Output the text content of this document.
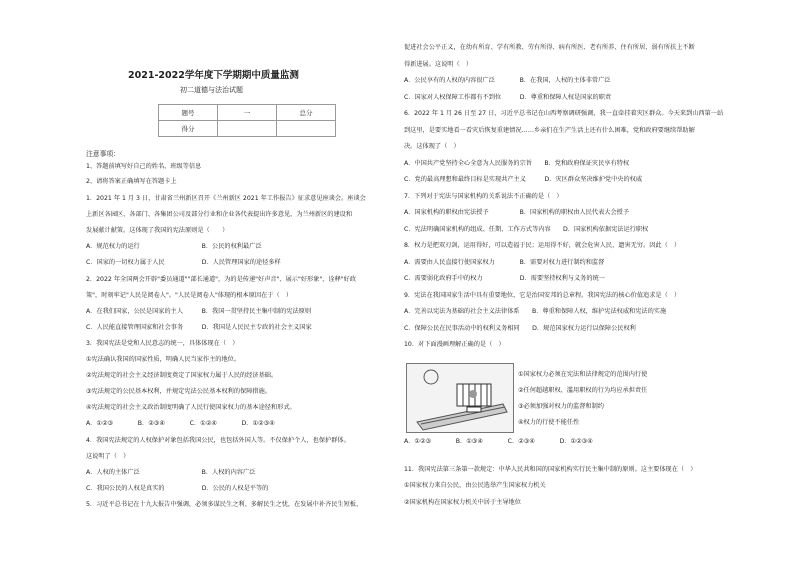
2021-2022学年度下学期期中质量监测
初二道德与法治试题
题号	一	总分
得分		
注意事项：
1、答题前填写好自己的姓名、班级等信息
2、请将答案正确填写在答题卡上
1．2021 年 1 月 3 日，甘肃省兰州新区召开《兰州新区 2021 年工作报告》征求意见座谈会。座谈会
上新区各园区、各部门、各集团公司及部分行业和企业各代表提出许多意见，为兰州新区的建设和
发展献计献策。这体现了我国的宪法原则是（　　）
A．规范权力的运行　　　　　　　　　　B．公民的权利最广泛
C．国家的一切权力属于人民　　　　　　D．人民管理国家的途径多样
2．2022 年全国两会开辟"委员通道""部长通道"，为的是传递"好声音"、展示"好形象"、诠释"好政
策"，时刻牢记"人民是阅卷人"。"人民是阅卷人"体现的根本原因在于（　）
A．在我们国家，公民是国家的主人　　　B．我国一贯坚持民主集中制的宪法原则
C．人民能直接管理国家和社会事务　　　D．我国是人民民主专政的社会主义国家
3．我国宪法是党和人民意志的统一，具体体现在（　）
①宪法确认我国的国家性质，明确人民当家作主的地位。
②宪法规定的社会主义经济制度奠定了国家权力属于人民的经济基础。
③宪法规定的公民基本权利，并规定宪法公民基本权利的保障措施。
④宪法规定的社会主义政治制度明确了人民行使国家权力的基本途径和形式。
A．①②③　　　　B．②③④　　　　C．①②④　　　　D．①②③④
4．我国宪法规定的人权保护对象包括我国公民，也包括外国人等。不仅保护个人，也保护群体。
这说明了（　）
A．人权的主体广泛　　　　　　　　　　B．人权的内容广泛
C．我国公民的人权是真实的　　　　　　D．公民的人权是平等的
5．习近平总书记在十九大报告中强调，必须多谋民生之利、多解民生之忧，在发展中补齐民生短板、
促进社会公平正义，在幼有所育、学有所教、劳有所得、病有所医、老有所养、住有所居、弱有所扶上不断
得新进展。这说明（　）
A．公民享有的人权的内容很广泛　　　　B．在我国，人权的主体非常广泛
C．国家对人权保障工作都有不到位　　　D．尊重和保障人权是国家的职责
6．2022 年 1 月 26 日至 27 日，习近平总书记在山西考察调研强调，我一直牵挂着灾区群众。今天来到山西第一站
到这里，是要实地看一看灾后恢复重建情况……乡亲们在生产生活上还有什么困难，党和政府要继续帮助解
决。这体现了（　）
A．中国共产党坚持全心全意为人民服务的宗旨　　B．党和政府保证灾民享有特权
C．党的最高理想和最终目标是实现共产主义　　　D．灾区群众坚决维护党中央的权威
7．下列对于宪法与国家机构的关系说法不正确的是（　）
A．国家机构的职权由宪法授予　　　　　B．国家机构的职权由人民代表大会授予
C．宪法明确国家机构的组成、任期、工作方式等内容　　D．国家机构依据宪法运行职权
8．权力是把双刃剑，运用得好，可以造福于民；运用得不好，就会危害人民，遗害无穷。因此（　）
A．需要由人民直接行使国家权力　　　　B．需要对权力进行制约和监督
C．需要弱化政府手中的权力　　　　　　D．需要坚持权利与义务的统一
9．宪法在我国国家生活中具有重要地位，它是治国安邦的总章程。我国宪法的核心价值追求是（　）
A．完善以宪法为基础的社会主义法律体系　　B．尊重和保障人权，维护宪法权威和宪法的实施
C．保障公民在民事活动中的权利义务相同　　D．规范国家权力运行以保障公民权利
10．对下面漫画理解正确的是（　）
11．我国宪法第三条第一款规定：中华人民共和国的国家机构实行民主集中制的原则。这主要体现在（　）
①国家权力来自公民，由公民选举产生国家权力机关
②国家机构在国家权力机关中居于主导地位
①国家权力必须在宪法和法律规定的范围内行使
②任何超越职权、滥用职权的行为均应承担责任
③必须加强对权力的监督和制约
④权力的行使不能任性
A．①②③　　　　B．①③④　　　　C．②③④　　　　D．①②③④
